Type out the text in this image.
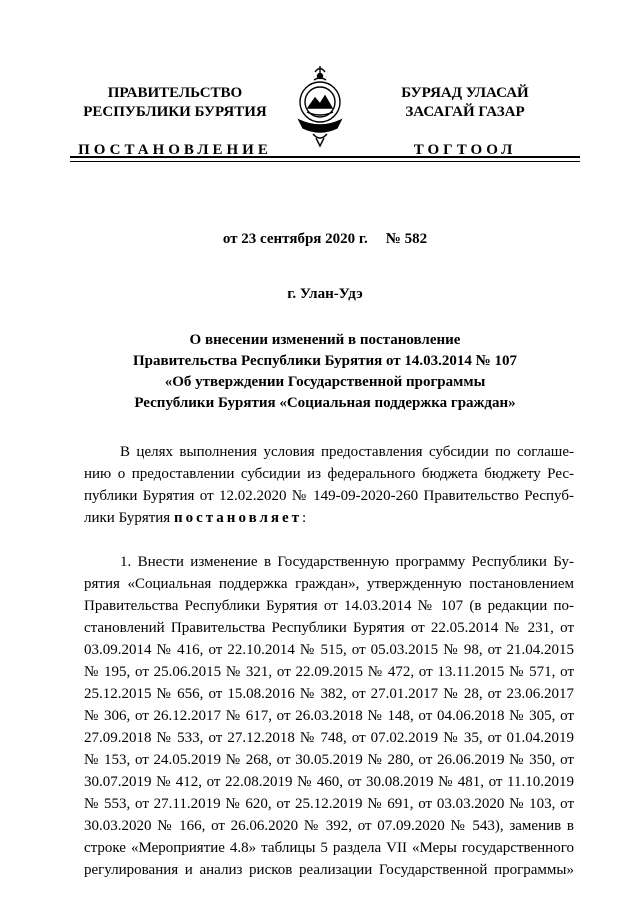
ПРАВИТЕЛЬСТВО
РЕСПУБЛИКИ БУРЯТИЯ
ПОСТАНОВЛЕНИЕ
БУРЯАД УЛАСАЙ
ЗАСАГАЙ ГАЗАР
ТОГТООЛ
от 23 сентября 2020 г. № 582
г. Улан-Удэ
О внесении изменений в постановление
Правительства Республики Бурятия от 14.03.2014 № 107
«Об утверждении Государственной программы
Республики Бурятия «Социальная поддержка граждан»
В целях выполнения условия предоставления субсидии по соглаше-
нию о предоставлении субсидии из федерального бюджета бюджету Рес-
публики Бурятия от 12.02.2020 № 149-09-2020-260 Правительство Респуб-
лики Бурятия постановляет:
1. Внести изменение в Государственную программу Республики Бу-
рятия «Социальная поддержка граждан», утвержденную постановлением
Правительства Республики Бурятия от 14.03.2014 № 107 (в редакции по-
становлений Правительства Республики Бурятия от 22.05.2014 № 231, от
03.09.2014 № 416, от 22.10.2014 № 515, от 05.03.2015 № 98, от 21.04.2015
№ 195, от 25.06.2015 № 321, от 22.09.2015 № 472, от 13.11.2015 № 571, от
25.12.2015 № 656, от 15.08.2016 № 382, от 27.01.2017 № 28, от 23.06.2017
№ 306, от 26.12.2017 № 617, от 26.03.2018 № 148, от 04.06.2018 № 305, от
27.09.2018 № 533, от 27.12.2018 № 748, от 07.02.2019 № 35, от 01.04.2019
№ 153, от 24.05.2019 № 268, от 30.05.2019 № 280, от 26.06.2019 № 350, от
30.07.2019 № 412, от 22.08.2019 № 460, от 30.08.2019 № 481, от 11.10.2019
№ 553, от 27.11.2019 № 620, от 25.12.2019 № 691, от 03.03.2020 № 103, от
30.03.2020 № 166, от 26.06.2020 № 392, от 07.09.2020 № 543), заменив в
строке «Мероприятие 4.8» таблицы 5 раздела VII «Меры государственного
регулирования и анализ рисков реализации Государственной программы»
